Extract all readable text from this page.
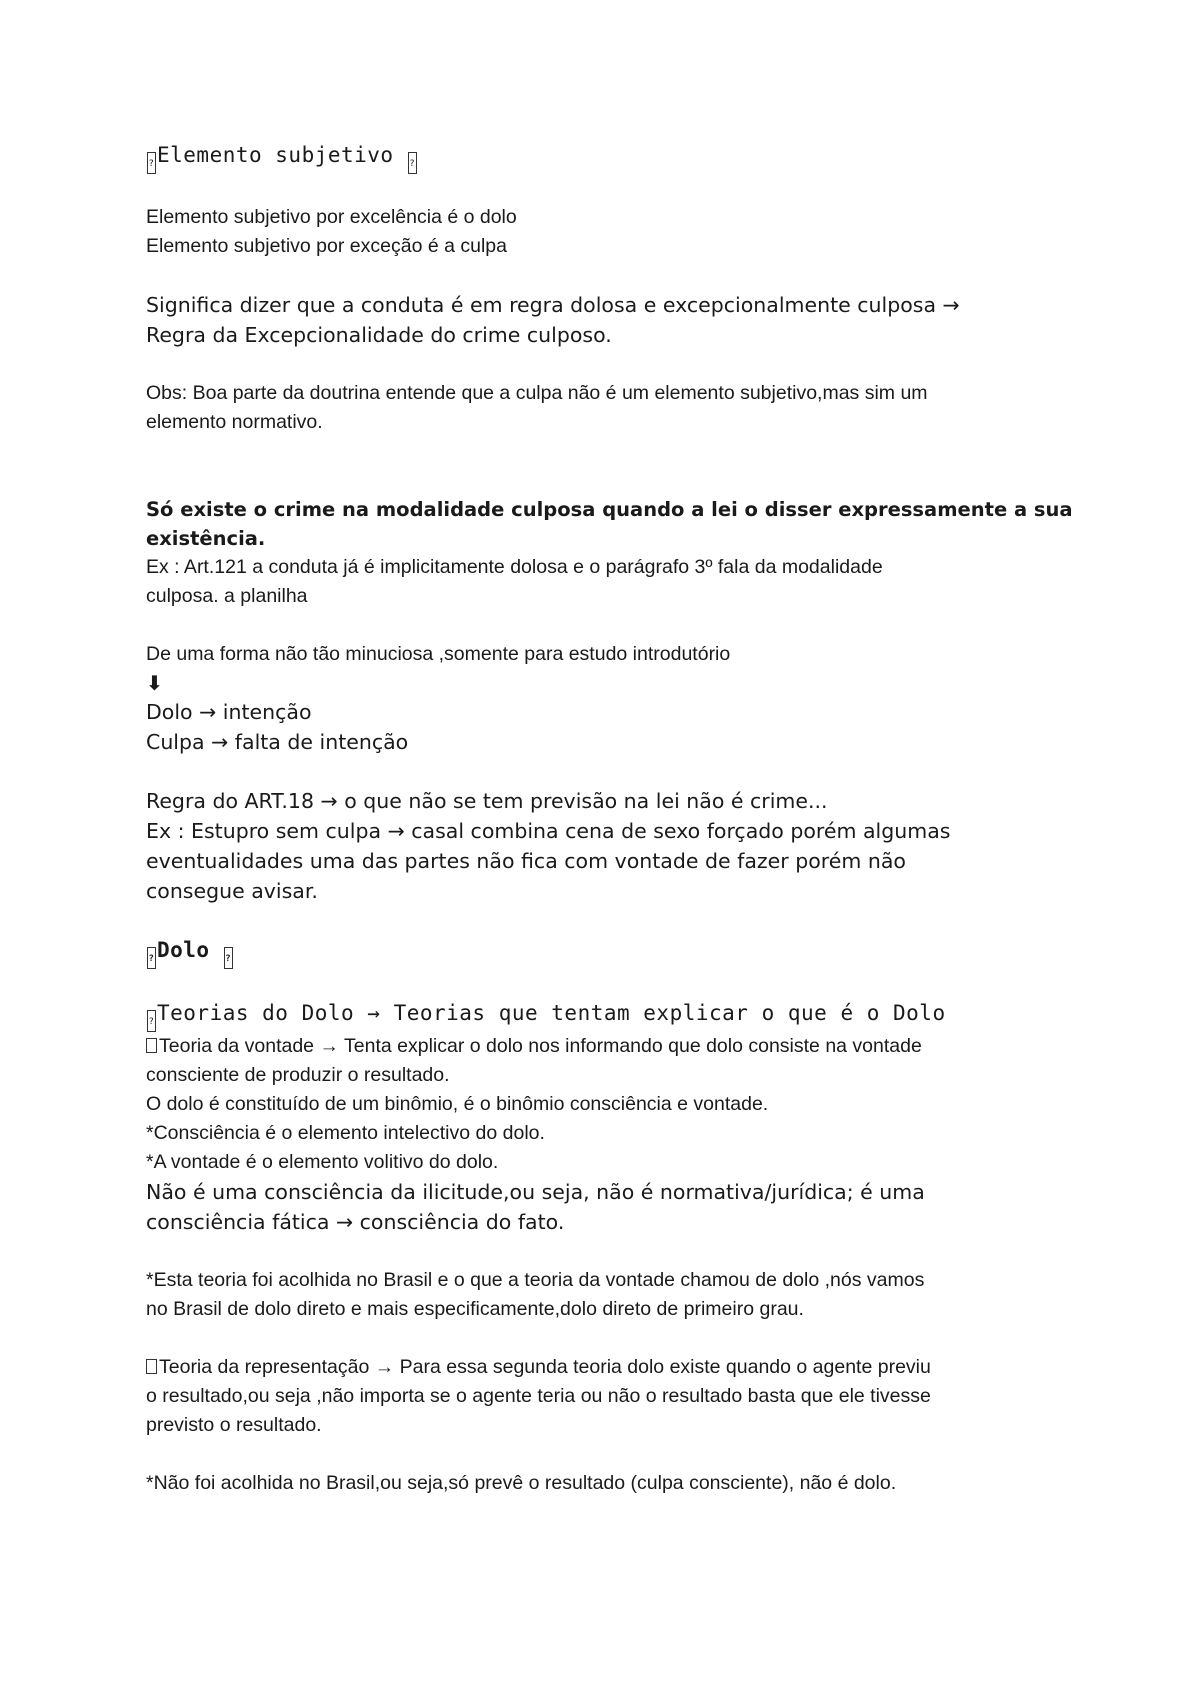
? Elemento subjetivo ?

Elemento subjetivo por excelência é o dolo

Elemento subjetivo por exceção é a culpa

Significa dizer que a conduta é em regra dolosa e excepcionalmente culposa →

Regra da Excepcionalidade do crime culposo.

Obs: Boa parte da doutrina entende que a culpa não é um elemento subjetivo,mas sim um

elemento normativo.

Só existe o crime na modalidade culposa quando a lei o disser expressamente a sua

existência.

Ex : Art.121 a conduta já é implicitamente dolosa e o parágrafo 3º fala da modalidade

culposa. a planilha

De uma forma não tão minuciosa ,somente para estudo introdutório

⬇

Dolo → intenção

Culpa → falta de intenção

Regra do ART.18 → o que não se tem previsão na lei não é crime...

Ex : Estupro sem culpa → casal combina cena de sexo forçado porém algumas

eventualidades uma das partes não fica com vontade de fazer porém não

consegue avisar.

? Dolo ?

? Teorias do Dolo → Teorias que tentam explicar o que é o Dolo

Teoria da vontade → Tenta explicar o dolo nos informando que dolo consiste na vontade

consciente de produzir o resultado.

O dolo é constituído de um binômio, é o binômio consciência e vontade.

*Consciência é o elemento intelectivo do dolo.

*A vontade é o elemento volitivo do dolo.

Não é uma consciência da ilicitude,ou seja, não é normativa/jurídica; é uma

consciência fática → consciência do fato.

*Esta teoria foi acolhida no Brasil e o que a teoria da vontade chamou de dolo ,nós vamos

no Brasil de dolo direto e mais especificamente,dolo direto de primeiro grau.

Teoria da representação → Para essa segunda teoria dolo existe quando o agente previu

o resultado,ou seja ,não importa se o agente teria ou não o resultado basta que ele tivesse

previsto o resultado.

*Não foi acolhida no Brasil,ou seja,só prevê o resultado (culpa consciente), não é dolo.
